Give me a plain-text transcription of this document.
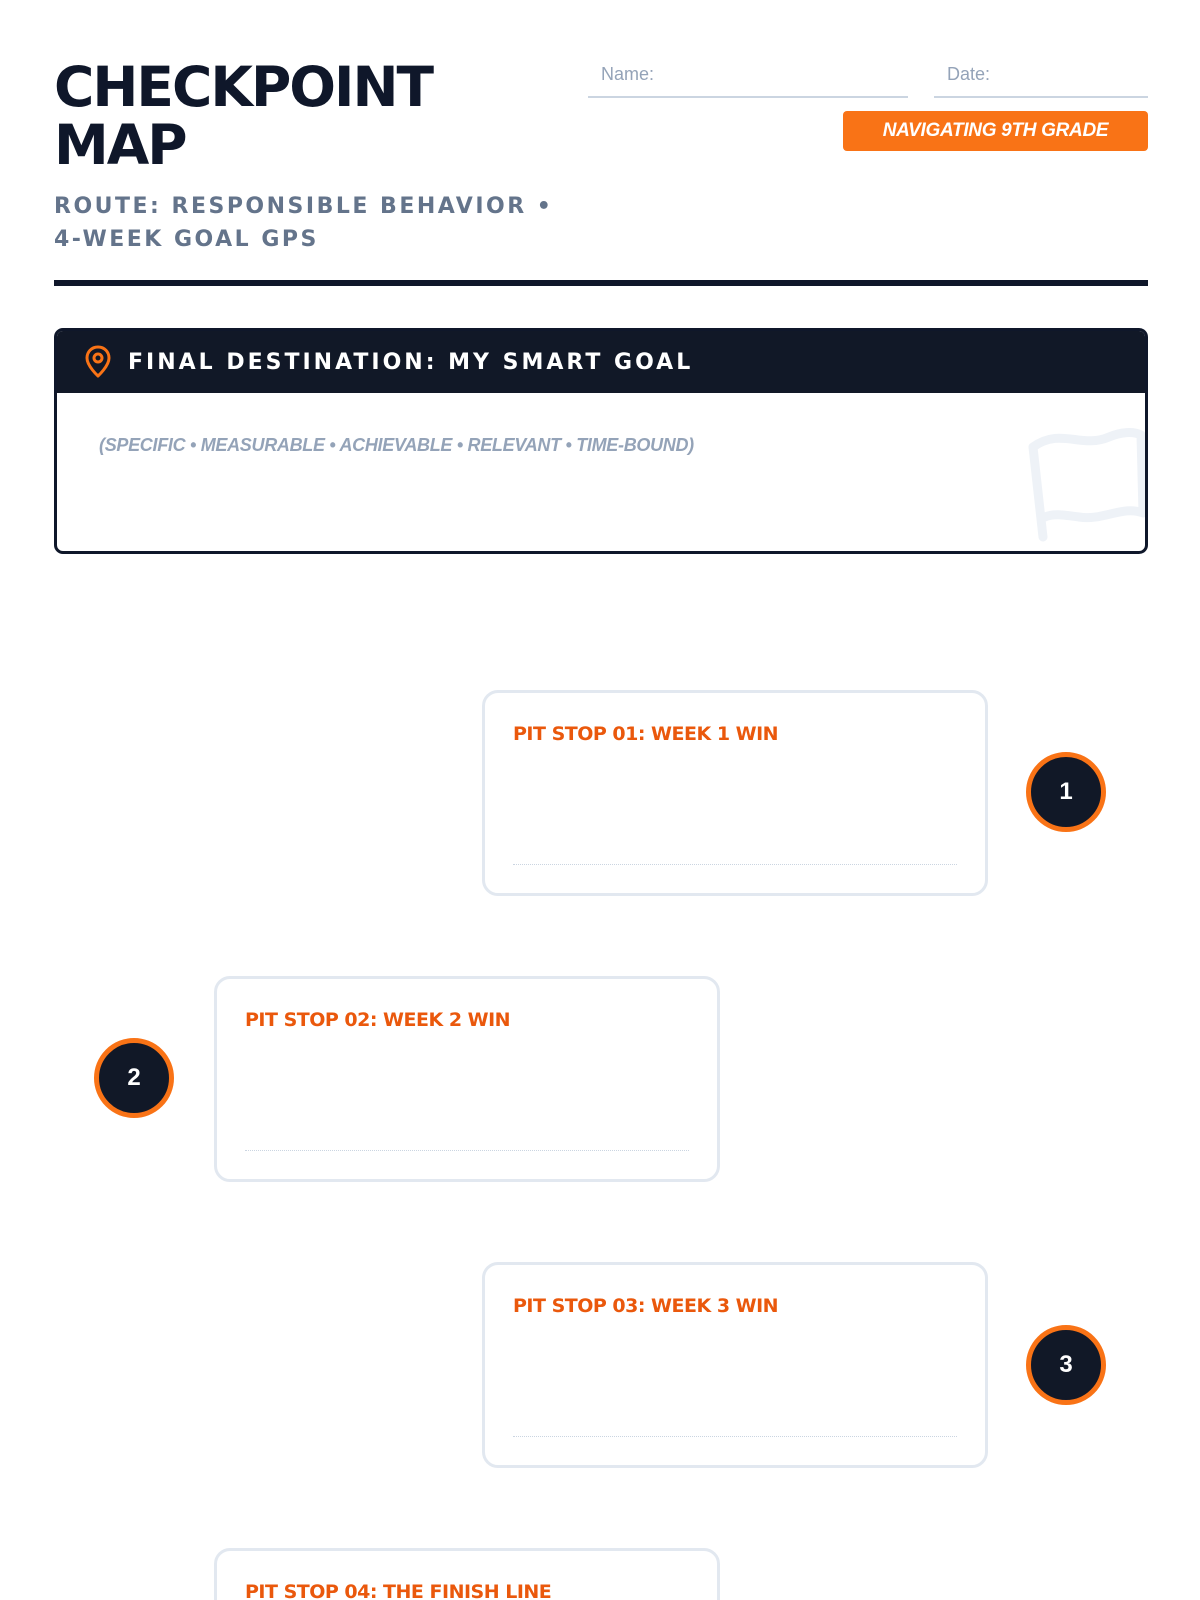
CHECKPOINT MAP
ROUTE: RESPONSIBLE BEHAVIOR • 4-WEEK GOAL GPS
Name:	Date:
NAVIGATING 9TH GRADE
FINAL DESTINATION: MY SMART GOAL
(SPECIFIC • MEASURABLE • ACHIEVABLE • RELEVANT • TIME-BOUND)
PIT STOP 01: WEEK 1 WIN
1
PIT STOP 02: WEEK 2 WIN
2
PIT STOP 03: WEEK 3 WIN
3
PIT STOP 04: THE FINISH LINE
